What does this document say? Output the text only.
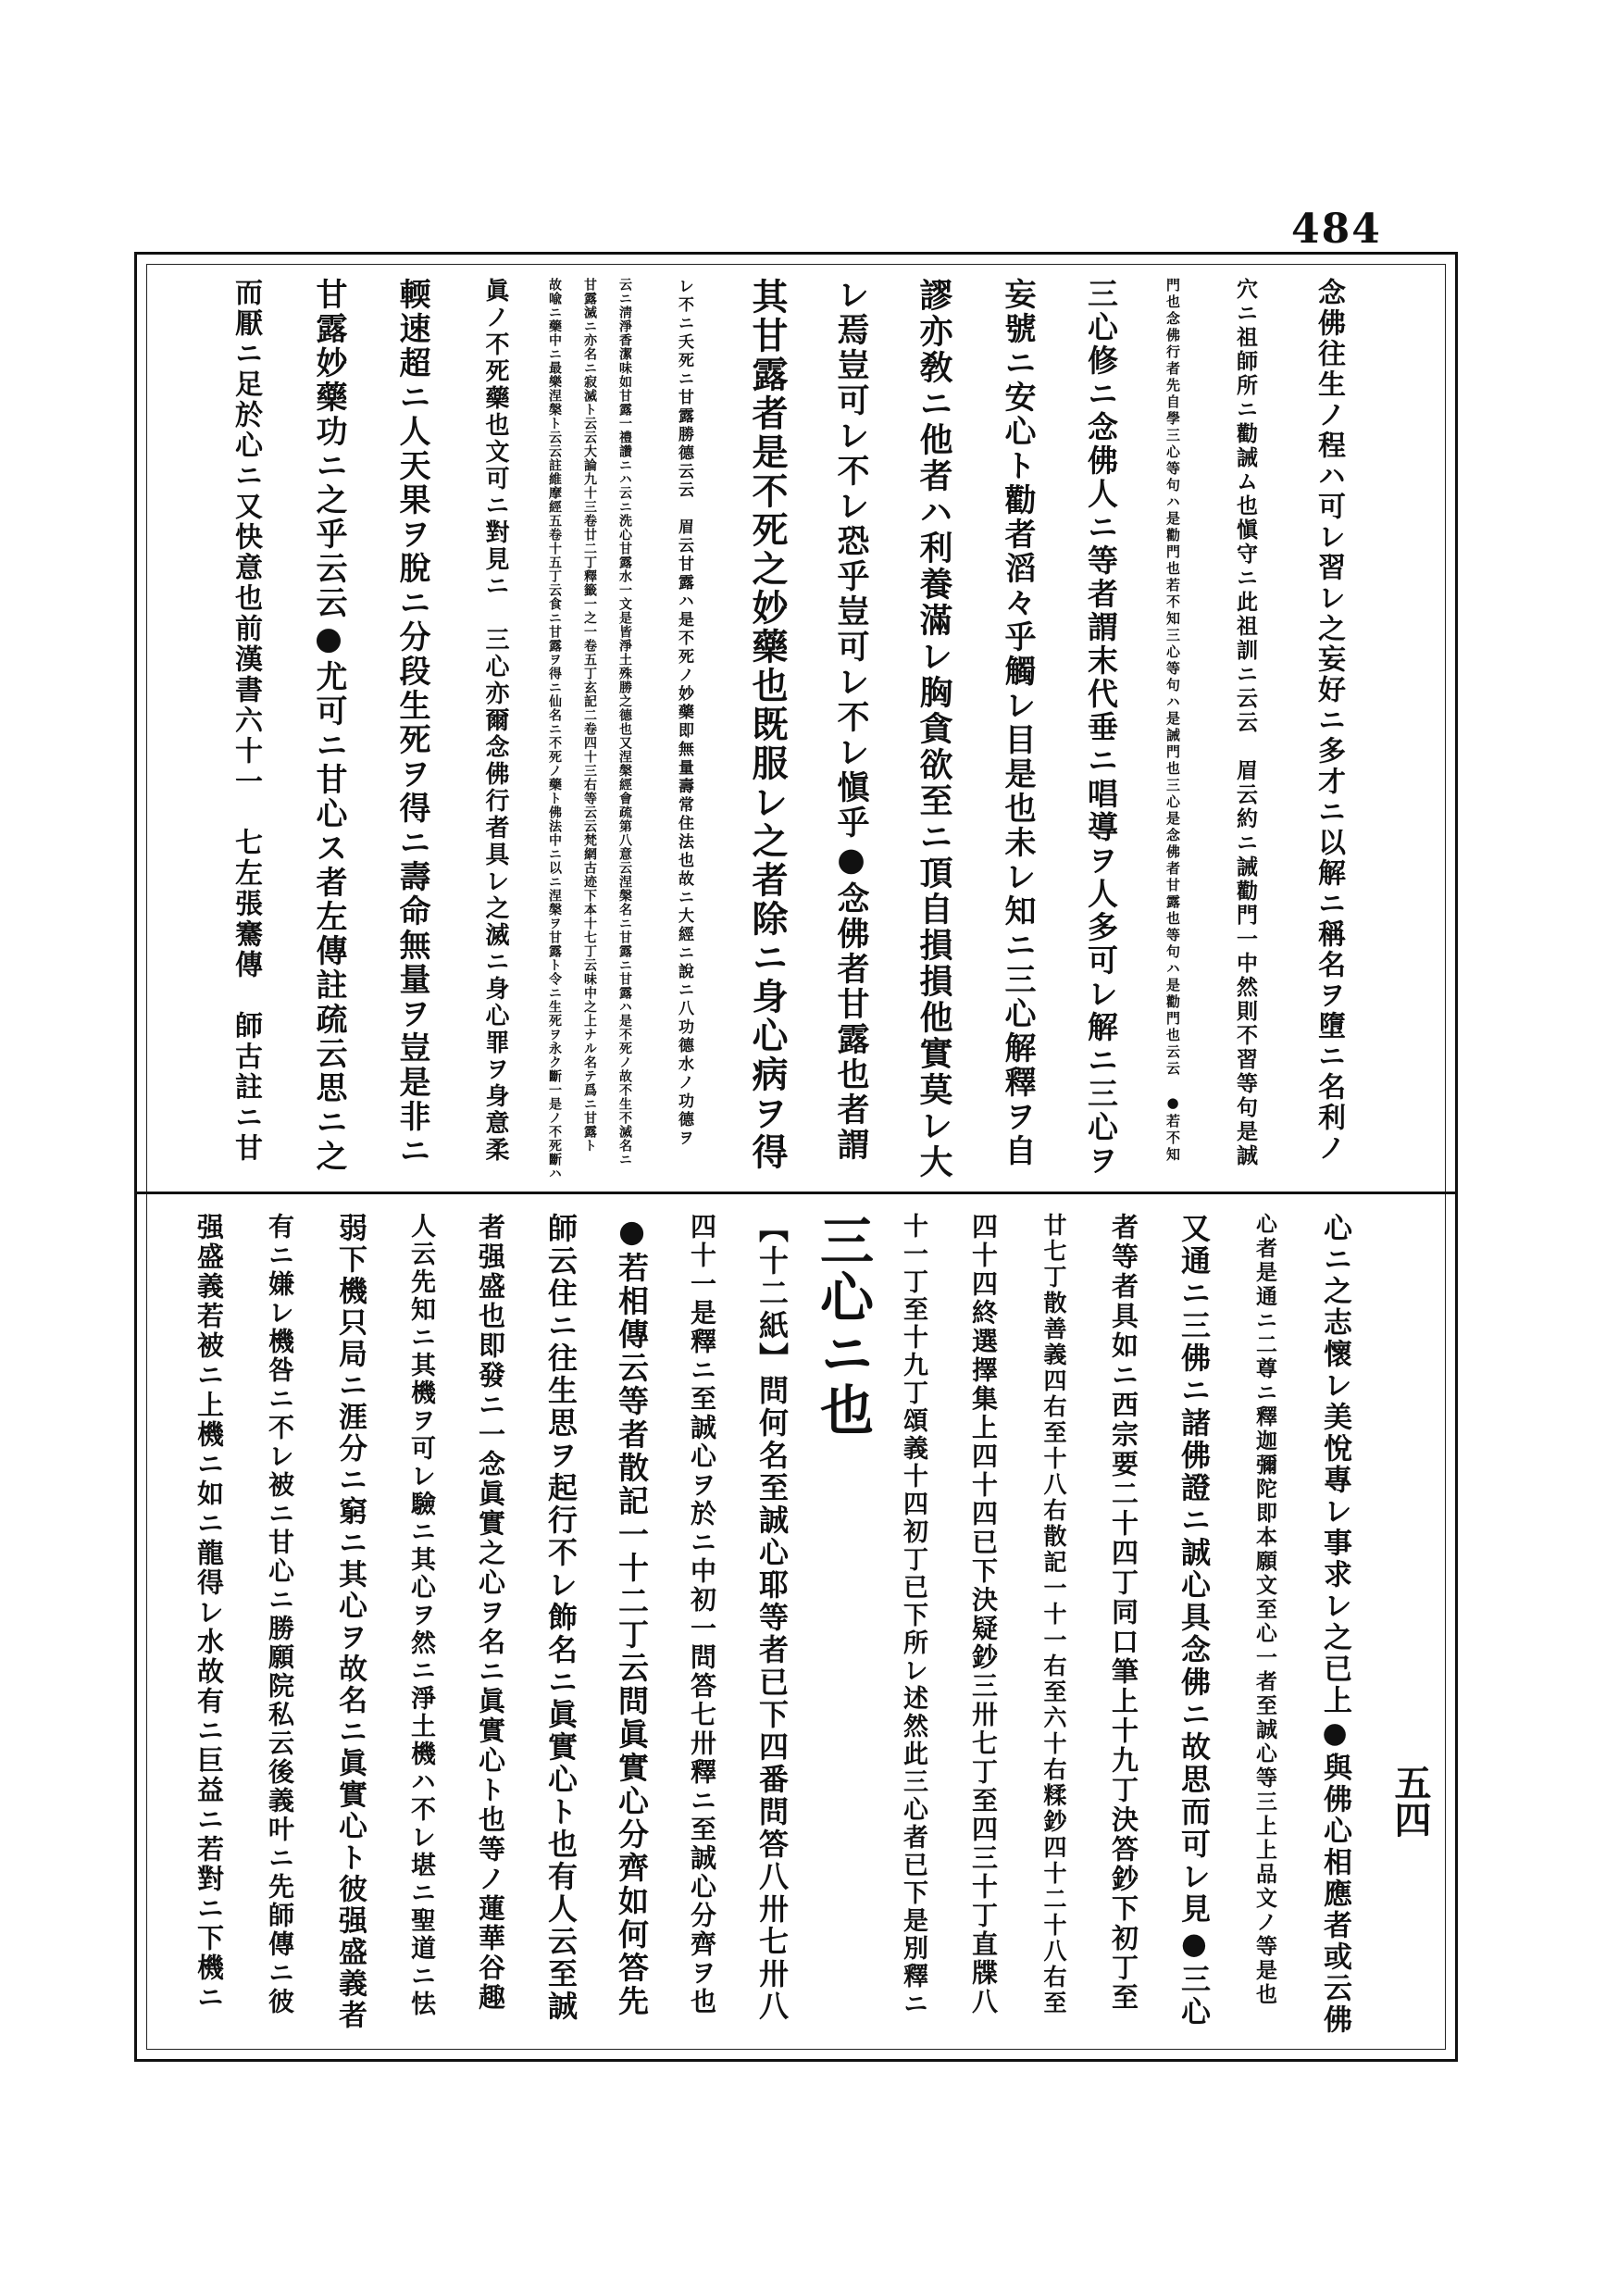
484
五四
念佛往生ノ程ハ可レ習レ之妄好ニ多才ニ以解ニ稱名ヲ墮ニ名利ノ
穴ニ祖師所ニ勸誡ム也愼守ニ此祖訓ニ云云　眉云約ニ誡勸門一中然則不習等句是誠
門也念佛行者先自學三心等句ハ是勸門也若不知三心等句ハ是誡門也三心是念佛者甘露也等句ハ是勸門也云云　●若不知
三心修ニ念佛人ニ等者謂末代垂ニ唱導ヲ人多可レ解ニ三心ヲ
妄號ニ安心ト勸者滔々乎觸レ目是也未レ知ニ三心解釋ヲ自
謬亦敎ニ他者ハ利養滿レ胸貪欲至ニ頂自損損他實莫レ大
レ焉豈可レ不レ恐乎豈可レ不レ愼乎●念佛者甘露也者謂
其甘露者是不死之妙藥也既服レ之者除ニ身心病ヲ得
レ不ニ夭死ニ甘露勝德云云　眉云甘露ハ是不死ノ妙藥即無量壽常住法也故ニ大經ニ說ニ八功德水ノ功德ヲ
云ニ淸淨香潔味如甘露一禮讚ニハ云ニ洗心甘露水一文是皆淨土殊勝之德也又涅槃經會疏第八意云涅槃名ニ甘露ニ甘露ハ是不死ノ故不生不滅名ニ
甘露滅ニ亦名ニ寂滅ト云云大論九十三卷廿二丁釋籤一之一卷五丁玄記二卷四十三右等云云梵網古迹下本十七丁云味中之上ナル名テ爲ニ甘露ト
故喩ニ藥中ニ最樂涅槃ト云云註維摩經五卷十五丁云食ニ甘露ヲ得ニ仙名ニ不死ノ藥ト佛法中ニ以ニ涅槃ヲ甘露ト令ニ生死ヲ永ク斷一是ノ不死斷ハ
眞ノ不死藥也文可ニ對見ニ　三心亦爾念佛行者具レ之滅ニ身心罪ヲ身意柔
輭速超ニ人天果ヲ脫ニ分段生死ヲ得ニ壽命無量ヲ豈是非ニ
甘露妙藥功ニ之乎云云●尤可ニ甘心ス者左傳註疏云思ニ之
而厭ニ足於心ニ又快意也前漢書六十一　七左張騫傳　師古註ニ甘
心ニ之志懷レ美悅專レ事求レ之已上●與佛心相應者或云佛
心者是通ニ二尊ニ釋迦彌陀即本願文至心一者至誠心等三上上品文ノ等是也
又通ニ三佛ニ諸佛證ニ誠心具念佛ニ故思而可レ見●三心
者等者具如ニ西宗要二十四丁同口筆上十九丁決答鈔下初丁至
廿七丁散善義四右至十八右散記一十一右至六十右糅鈔四十二十八右至
四十四終選擇集上四十四已下決疑鈔三卅七丁至四三十丁直牒八
十一丁至十九丁頌義十四初丁已下所レ述然此三心者已下是別釋ニ
三心ニ也
【十二紙】問何名至誠心耶等者已下四番問答八卅七卅八
四十一是釋ニ至誠心ヲ於ニ中初一問答七卅釋ニ至誠心分齊ヲ也
●若相傳云等者散記一十二丁云問眞實心分齊如何答先
師云住ニ往生思ヲ起行不レ飾名ニ眞實心ト也有人云至誠
者强盛也即發ニ一念眞實之心ヲ名ニ眞實心ト也等ノ蓮華谷趣
人云先知ニ其機ヲ可レ驗ニ其心ヲ然ニ淨土機ハ不レ堪ニ聖道ニ怯
弱下機只局ニ涯分ニ窮ニ其心ヲ故名ニ眞實心ト彼强盛義者
有ニ嫌レ機咎ニ不レ被ニ甘心ニ勝願院私云後義叶ニ先師傳ニ彼
强盛義若被ニ上機ニ如ニ龍得レ水故有ニ巨益ニ若對ニ下機ニ
